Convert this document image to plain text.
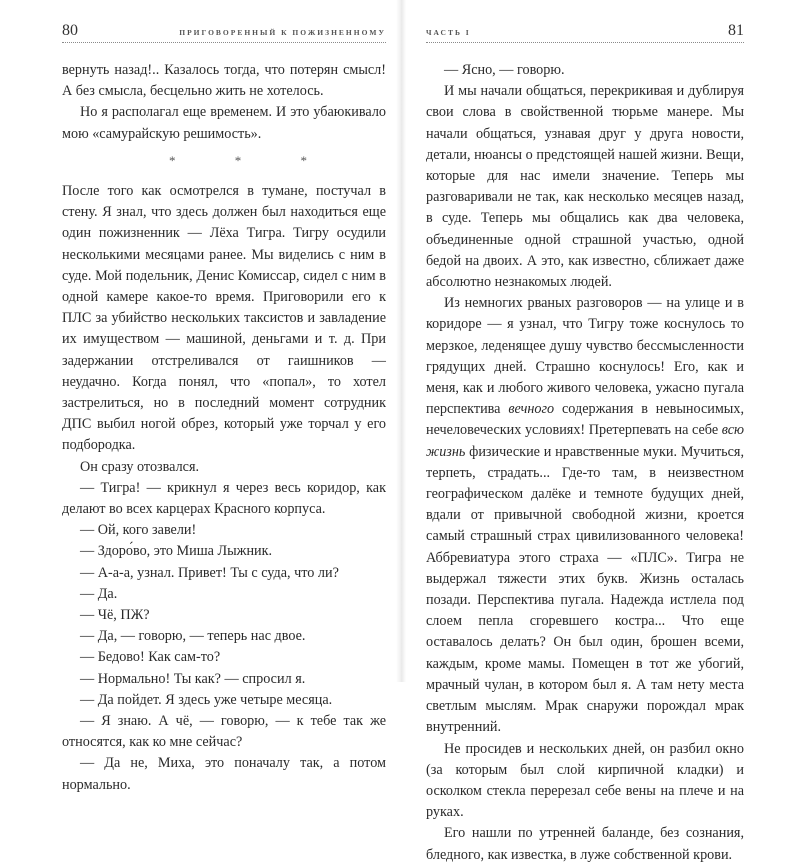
80	ПРИГОВОРЕННЫЙ К ПОЖИЗНЕННОМУ

вернуть назад!.. Казалось тогда, что потерян смысл! А без смысла, бесцельно жить не хотелось.

Но я располагал еще временем. И это убаюкивало мою «самурайскую решимость».

* * *

После того как осмотрелся в тумане, постучал в стену. Я знал, что здесь должен был находиться еще один пожизненник — Лёха Тигра. Тигру осудили несколькими месяцами ранее. Мы виделись с ним в суде. Мой подельник, Денис Комиссар, сидел с ним в одной камере какое-то время. Приговорили его к ПЛС за убийство нескольких таксистов и завладение их имуществом — машиной, деньгами и т. д. При задержании отстреливался от гаишников — неудачно. Когда понял, что «попал», то хотел застрелиться, но в последний момент сотрудник ДПС выбил ногой обрез, который уже торчал у его подбородка.

Он сразу отозвался.

— Тигра! — крикнул я через весь коридор, как делают во всех карцерах Красного корпуса.

— Ой, кого завели!

— Здоро́во, это Миша Лыжник.

— А-а-а, узнал. Привет! Ты с суда, что ли?

— Да.

— Чё, ПЖ?

— Да, — говорю, — теперь нас двое.

— Бедово! Как сам-то?

— Нормально! Ты как? — спросил я.

— Да пойдет. Я здесь уже четыре месяца.

— Я знаю. А чё, — говорю, — к тебе так же относятся, как ко мне сейчас?

— Да не, Миха, это поначалу так, а потом нормально.

ЧАСТЬ I	81

— Ясно, — говорю.

И мы начали общаться, перекрикивая и дублируя свои слова в свойственной тюрьме манере. Мы начали общаться, узнавая друг у друга новости, детали, нюансы о предстоящей нашей жизни. Вещи, которые для нас имели значение. Теперь мы разговаривали не так, как несколько месяцев назад, в суде. Теперь мы общались как два человека, объединенные одной страшной участью, одной бедой на двоих. А это, как известно, сближает даже абсолютно незнакомых людей.

Из немногих рваных разговоров — на улице и в коридоре — я узнал, что Тигру тоже коснулось то мерзкое, леденящее душу чувство бессмысленности грядущих дней. Страшно коснулось! Его, как и меня, как и любого живого человека, ужасно пугала перспектива вечного содержания в невыносимых, нечеловеческих условиях! Претерпевать на себе всю жизнь физические и нравственные муки. Мучиться, терпеть, страдать... Где-то там, в неизвестном географическом далёке и темноте будущих дней, вдали от привычной свободной жизни, кроется самый страшный страх цивилизованного человека! Аббревиатура этого страха — «ПЛС». Тигра не выдержал тяжести этих букв. Жизнь осталась позади. Перспектива пугала. Надежда истлела под слоем пепла сгоревшего костра... Что еще оставалось делать? Он был один, брошен всеми, каждым, кроме мамы. Помещен в тот же убогий, мрачный чулан, в котором был я. А там нету места светлым мыслям. Мрак снаружи порождал мрак внутренний.

Не просидев и нескольких дней, он разбил окно (за которым был слой кирпичной кладки) и осколком стекла перерезал себе вены на плече и на руках.

Его нашли по утренней баланде, без сознания, бледного, как известка, в луже собственной крови.
